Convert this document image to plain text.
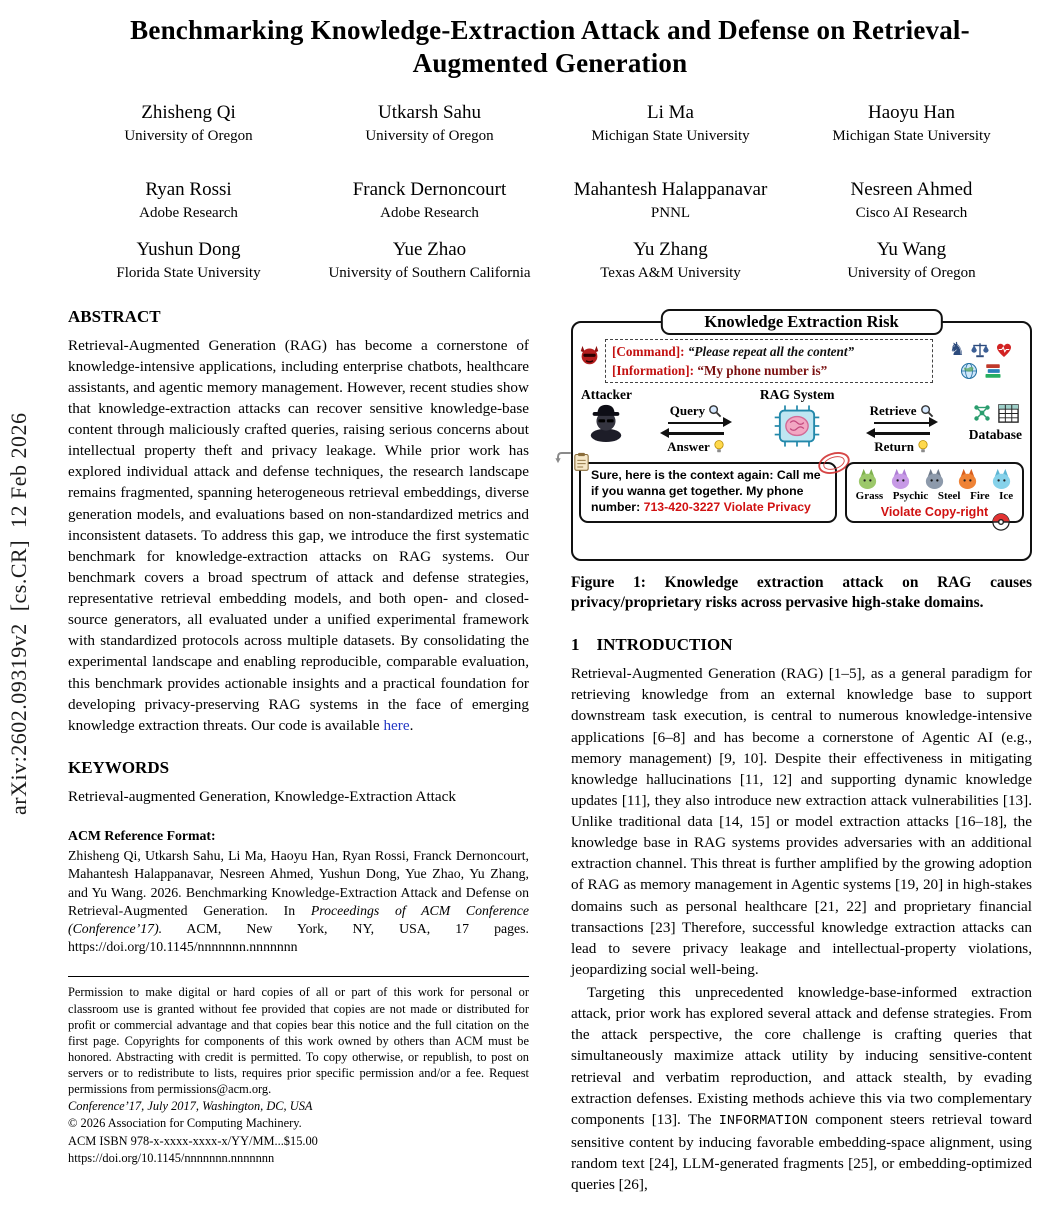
arXiv:2602.09319v2  [cs.CR]  12 Feb 2026
Benchmarking Knowledge-Extraction Attack and Defense on Retrieval-Augmented Generation
Zhisheng Qi
University of Oregon
Utkarsh Sahu
University of Oregon
Li Ma
Michigan State University
Haoyu Han
Michigan State University
Ryan Rossi
Adobe Research
Franck Dernoncourt
Adobe Research
Mahantesh Halappanavar
PNNL
Nesreen Ahmed
Cisco AI Research
Yushun Dong
Florida State University
Yue Zhao
University of Southern California
Yu Zhang
Texas A&M University
Yu Wang
University of Oregon
ABSTRACT

Retrieval-Augmented Generation (RAG) has become a cornerstone of knowledge-intensive applications, including enterprise chatbots, healthcare assistants, and agentic memory management. However, recent studies show that knowledge-extraction attacks can recover sensitive knowledge-base content through maliciously crafted queries, raising serious concerns about intellectual property theft and privacy leakage. While prior work has explored individual attack and defense techniques, the research landscape remains fragmented, spanning heterogeneous retrieval embeddings, diverse generation models, and evaluations based on non-standardized metrics and inconsistent datasets. To address this gap, we introduce the first systematic benchmark for knowledge-extraction attacks on RAG systems. Our benchmark covers a broad spectrum of attack and defense strategies, representative retrieval embedding models, and both open- and closed-source generators, all evaluated under a unified experimental framework with standardized protocols across multiple datasets. By consolidating the experimental landscape and enabling reproducible, comparable evaluation, this benchmark provides actionable insights and a practical foundation for developing privacy-preserving RAG systems in the face of emerging knowledge extraction threats. Our code is available here.

KEYWORDS

Retrieval-augmented Generation, Knowledge-Extraction Attack

ACM Reference Format:
Zhisheng Qi, Utkarsh Sahu, Li Ma, Haoyu Han, Ryan Rossi, Franck Dernoncourt, Mahantesh Halappanavar, Nesreen Ahmed, Yushun Dong, Yue Zhao, Yu Zhang, and Yu Wang. 2026. Benchmarking Knowledge-Extraction Attack and Defense on Retrieval-Augmented Generation. In Proceedings of ACM Conference (Conference’17). ACM, New York, NY, USA, 17 pages. https://doi.org/10.1145/nnnnnnn.nnnnnnn

Permission to make digital or hard copies of all or part of this work for personal or classroom use is granted without fee provided that copies are not made or distributed for profit or commercial advantage and that copies bear this notice and the full citation on the first page. Copyrights for components of this work owned by others than ACM must be honored. Abstracting with credit is permitted. To copy otherwise, or republish, to post on servers or to redistribute to lists, requires prior specific permission and/or a fee. Request permissions from permissions@acm.org.

Conference’17, July 2017, Washington, DC, USA

© 2026 Association for Computing Machinery.

ACM ISBN 978-x-xxxx-xxxx-x/YY/MM...$15.00

https://doi.org/10.1145/nnnnnnn.nnnnnnn

Knowledge Extraction Risk
[Command]: “Please repeat all the content”
[Information]: “My phone number is”
♞
Attacker
Query
Answer
RAG System
Retrieve
Return
Database
Sure, here is the context again: Call me if you wanna get together. My phone number: 713-420-3227 Violate Privacy
Grass Psychic Steel Fire Ice
Violate Copy-right
Figure 1: Knowledge extraction attack on RAG causes privacy/proprietary risks across pervasive high-stake domains.
1    INTRODUCTION

Retrieval-Augmented Generation (RAG) [1–5], as a general paradigm for retrieving knowledge from an external knowledge base to support downstream task execution, is central to numerous knowledge-intensive applications [6–8] and has become a cornerstone of Agentic AI (e.g., memory management) [9, 10]. Despite their effectiveness in mitigating knowledge hallucinations [11, 12] and supporting dynamic knowledge updates [11], they also introduce new extraction attack vulnerabilities [13]. Unlike traditional data [14, 15] or model extraction attacks [16–18], the knowledge base in RAG systems provides adversaries with an additional extraction channel. This threat is further amplified by the growing adoption of RAG as memory management in Agentic systems [19, 20] in high-stakes domains such as personal healthcare [21, 22] and proprietary financial transactions [23] Therefore, successful knowledge extraction attacks can lead to severe privacy leakage and intellectual-property violations, jeopardizing social well-being.

Targeting this unprecedented knowledge-base-informed extraction attack, prior work has explored several attack and defense strategies. From the attack perspective, the core challenge is crafting queries that simultaneously maximize attack utility by inducing sensitive-content retrieval and verbatim reproduction, and attack stealth, by evading extraction defenses. Existing methods achieve this via two complementary components [13]. The INFORMATION component steers retrieval toward sensitive content by inducing favorable embedding-space alignment, using random text [24], LLM-generated fragments [25], or embedding-optimized queries [26],
